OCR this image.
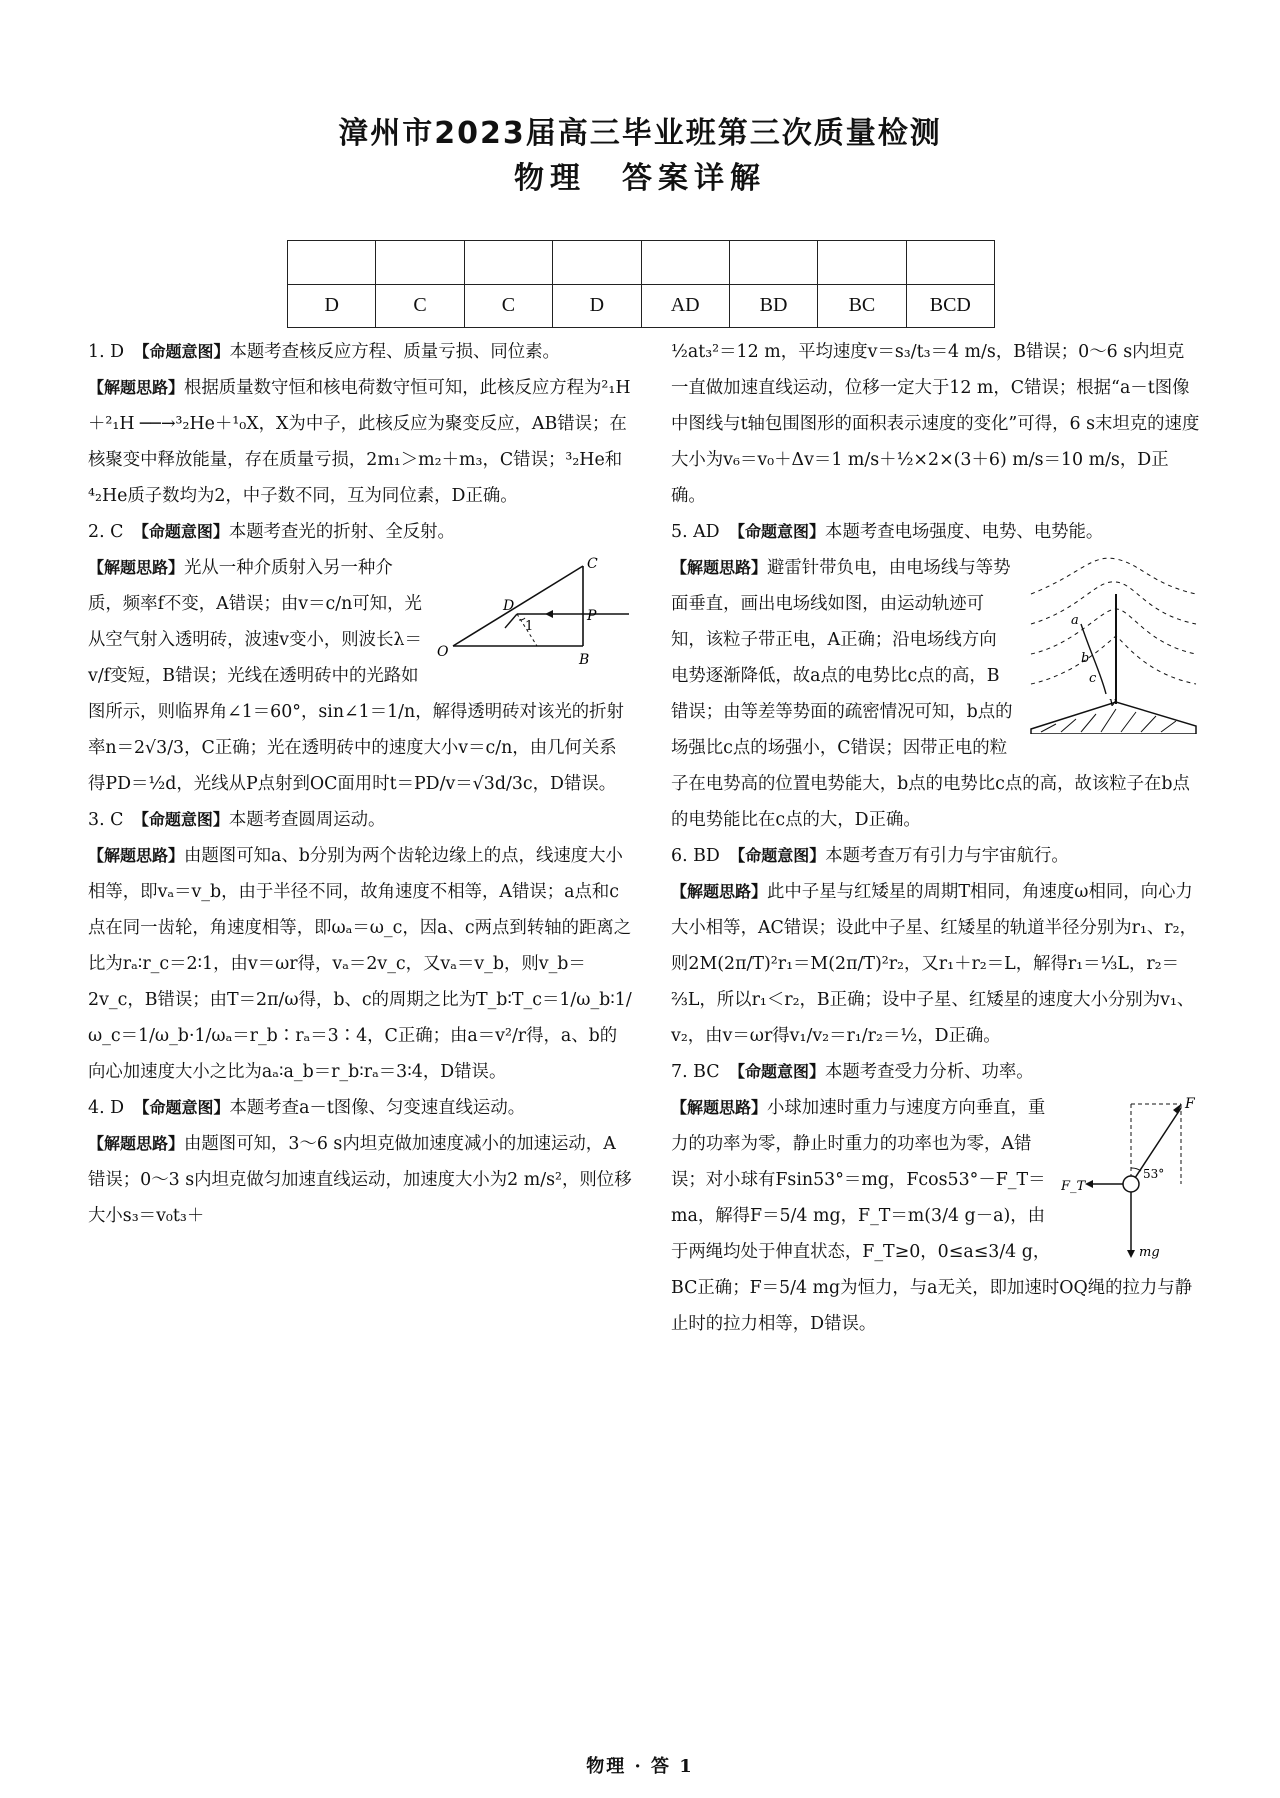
漳州市2023届高三毕业班第三次质量检测
物理　答案详解

D	C	C	D	AD	BD	BC	BCD
1. D　 【命题意图】本题考查核反应方程、质量亏损、同位素。
【解题思路】根据质量数守恒和核电荷数守恒可知，此核反应方程为²₁H＋²₁H ──→³₂He＋¹₀X，X为中子，此核反应为聚变反应，AB错误；在核聚变中释放能量，存在质量亏损，2m₁＞m₂＋m₃，C错误；³₂He和⁴₂He质子数均为2，中子数不同，互为同位素，D正确。
2. C　 【命题意图】本题考查光的折射、全反射。

C
D
1
P
O	B
【解题思路】光从一种介质射入另一种介质，频率f不变，A错误；由v＝c/n可知，光从空气射入透明砖，波速v变小，则波长λ＝v/f变短，B错误；光线在透明砖中的光路如图所示，则临界角∠1＝60°，sin∠1＝1/n，解得透明砖对该光的折射率n＝2√3/3，C正确；光在透明砖中的速度大小v＝c/n，由几何关系得PD＝½d，光线从P点射到OC面用时t＝PD/v＝√3d/3c，D错误。
3. C　 【命题意图】本题考查圆周运动。
【解题思路】由题图可知a、b分别为两个齿轮边缘上的点，线速度大小相等，即vₐ＝v_b，由于半径不同，故角速度不相等，A错误；a点和c点在同一齿轮，角速度相等，即ωₐ＝ω_c，因a、c两点到转轴的距离之比为rₐ∶r_c＝2∶1，由v＝ωr得，vₐ＝2v_c，又vₐ＝v_b，则v_b＝2v_c，B错误；由T＝2π/ω得，b、c的周期之比为T_b∶T_c＝1/ω_b∶1/ω_c＝1/ω_b·1/ωₐ＝r_b∶rₐ＝3∶4，C正确；由a＝v²/r得，a、b的向心加速度大小之比为aₐ∶a_b＝r_b∶rₐ＝3∶4，D错误。
4. D　 【命题意图】本题考查a－t图像、匀变速直线运动。
【解题思路】由题图可知，3～6 s内坦克做加速度减小的加速运动，A错误；0～3 s内坦克做匀加速直线运动，加速度大小为2 m/s²，则位移大小s₃＝v₀t₃＋
½at₃²＝12 m，平均速度v＝s₃/t₃＝4 m/s，B错误；0～6 s内坦克一直做加速直线运动，位移一定大于12 m，C错误；根据“a－t图像中图线与t轴包围图形的面积表示速度的变化”可得，6 s末坦克的速度大小为v₆＝v₀＋Δv＝1 m/s＋½×2×(3＋6) m/s＝10 m/s，D正确。
5. AD　 【命题意图】本题考查电场强度、电势、电势能。

a
b
c
v
【解题思路】避雷针带负电，由电场线与等势面垂直，画出电场线如图，由运动轨迹可知，该粒子带正电，A正确；沿电场线方向电势逐渐降低，故a点的电势比c点的高，B错误；由等差等势面的疏密情况可知，b点的场强比c点的场强小，C错误；因带正电的粒子在电势高的位置电势能大，b点的电势比c点的高，故该粒子在b点的电势能比在c点的大，D正确。
6. BD　 【命题意图】本题考查万有引力与宇宙航行。
【解题思路】此中子星与红矮星的周期T相同，角速度ω相同，向心力大小相等，AC错误；设此中子星、红矮星的轨道半径分别为r₁、r₂，则2M(2π/T)²r₁＝M(2π/T)²r₂，又r₁＋r₂＝L，解得r₁＝⅓L，r₂＝⅔L，所以r₁＜r₂，B正确；设中子星、红矮星的速度大小分别为v₁、v₂，由v＝ωr得v₁/v₂＝r₁/r₂＝½，D正确。
7. BC　 【命题意图】本题考查受力分析、功率。

F
F_T
53°
mg
【解题思路】小球加速时重力与速度方向垂直，重力的功率为零，静止时重力的功率也为零，A错误；对小球有Fsin53°＝mg，Fcos53°－F_T＝ma，解得F＝5/4 mg，F_T＝m(3/4 g－a)，由于两绳均处于伸直状态，F_T≥0，0≤a≤3/4 g，BC正确；F＝5/4 mg为恒力，与a无关，即加速时OQ绳的拉力与静止时的拉力相等，D错误。
物理 · 答 1
